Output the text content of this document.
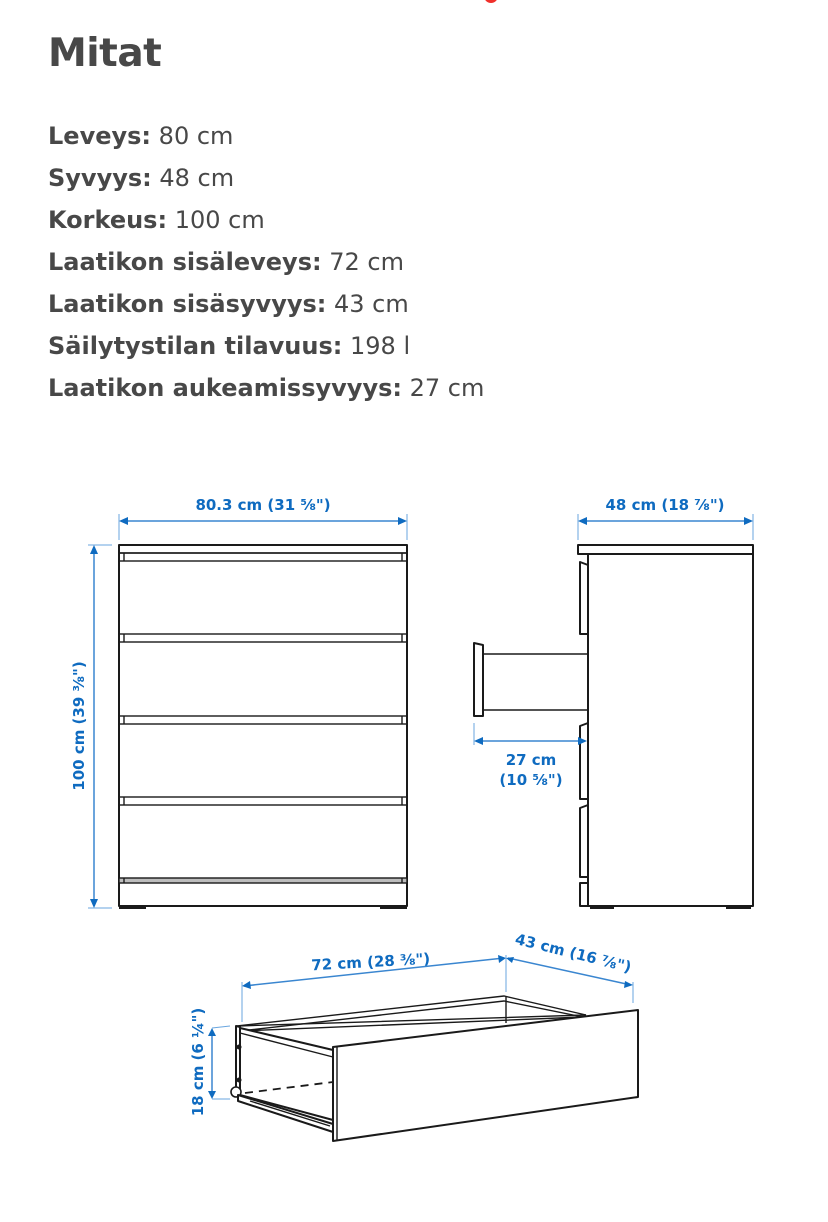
Mitat
Leveys: 80 cm
Syvyys: 48 cm
Korkeus: 100 cm
Laatikon sisäleveys: 72 cm
Laatikon sisäsyvyys: 43 cm
Säilytystilan tilavuus: 198 l
Laatikon aukeamissyvyys: 27 cm
80.3 cm (31 ⅝")
100 cm (39 ⅜")
48 cm (18 ⅞")
27 cm
(10 ⅝")
72 cm (28 ⅜")	43 cm (16 ⅞")
18 cm (6 ¼")
